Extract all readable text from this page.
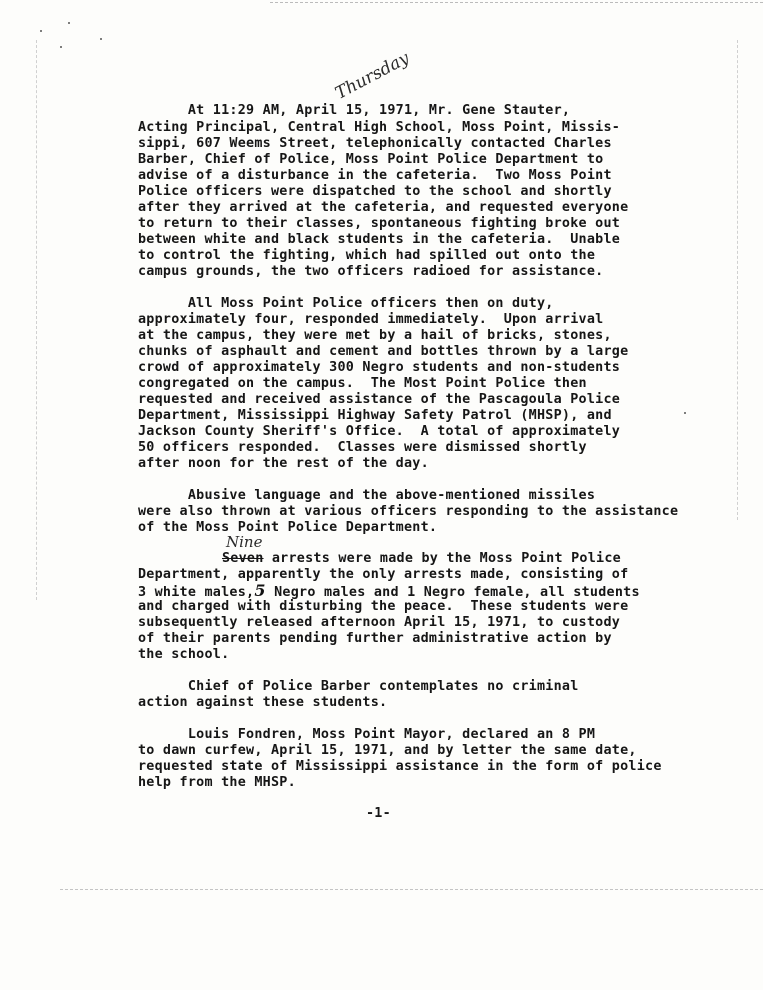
Thursday

At 11:29 AM, April 15, 1971, Mr. Gene Stauter,

Acting Principal, Central High School, Moss Point, Missis-

sippi, 607 Weems Street, telephonically contacted Charles

Barber, Chief of Police, Moss Point Police Department to

advise of a disturbance in the cafeteria.  Two Moss Point

Police officers were dispatched to the school and shortly

after they arrived at the cafeteria, and requested everyone

to return to their classes, spontaneous fighting broke out

between white and black students in the cafeteria.  Unable

to control the fighting, which had spilled out onto the

campus grounds, the two officers radioed for assistance.

All Moss Point Police officers then on duty,

approximately four, responded immediately.  Upon arrival

at the campus, they were met by a hail of bricks, stones,

chunks of asphault and cement and bottles thrown by a large

crowd of approximately 300 Negro students and non-students

congregated on the campus.  The Most Point Police then

requested and received assistance of the Pascagoula Police

Department, Mississippi Highway Safety Patrol (MHSP), and

Jackson County Sheriff's Office.  A total of approximately

50 officers responded.  Classes were dismissed shortly

after noon for the rest of the day.

Abusive language and the above-mentioned missiles

were also thrown at various officers responding to the assistance

of the Moss Point Police Department.

Nine

Seven arrests were made by the Moss Point Police

Department, apparently the only arrests made, consisting of

3 white males,5 Negro males and 1 Negro female, all students

and charged with disturbing the peace.  These students were

subsequently released afternoon April 15, 1971, to custody

of their parents pending further administrative action by

the school.

Chief of Police Barber contemplates no criminal

action against these students.

Louis Fondren, Moss Point Mayor, declared an 8 PM

to dawn curfew, April 15, 1971, and by letter the same date,

requested state of Mississippi assistance in the form of police

help from the MHSP.

-1-
